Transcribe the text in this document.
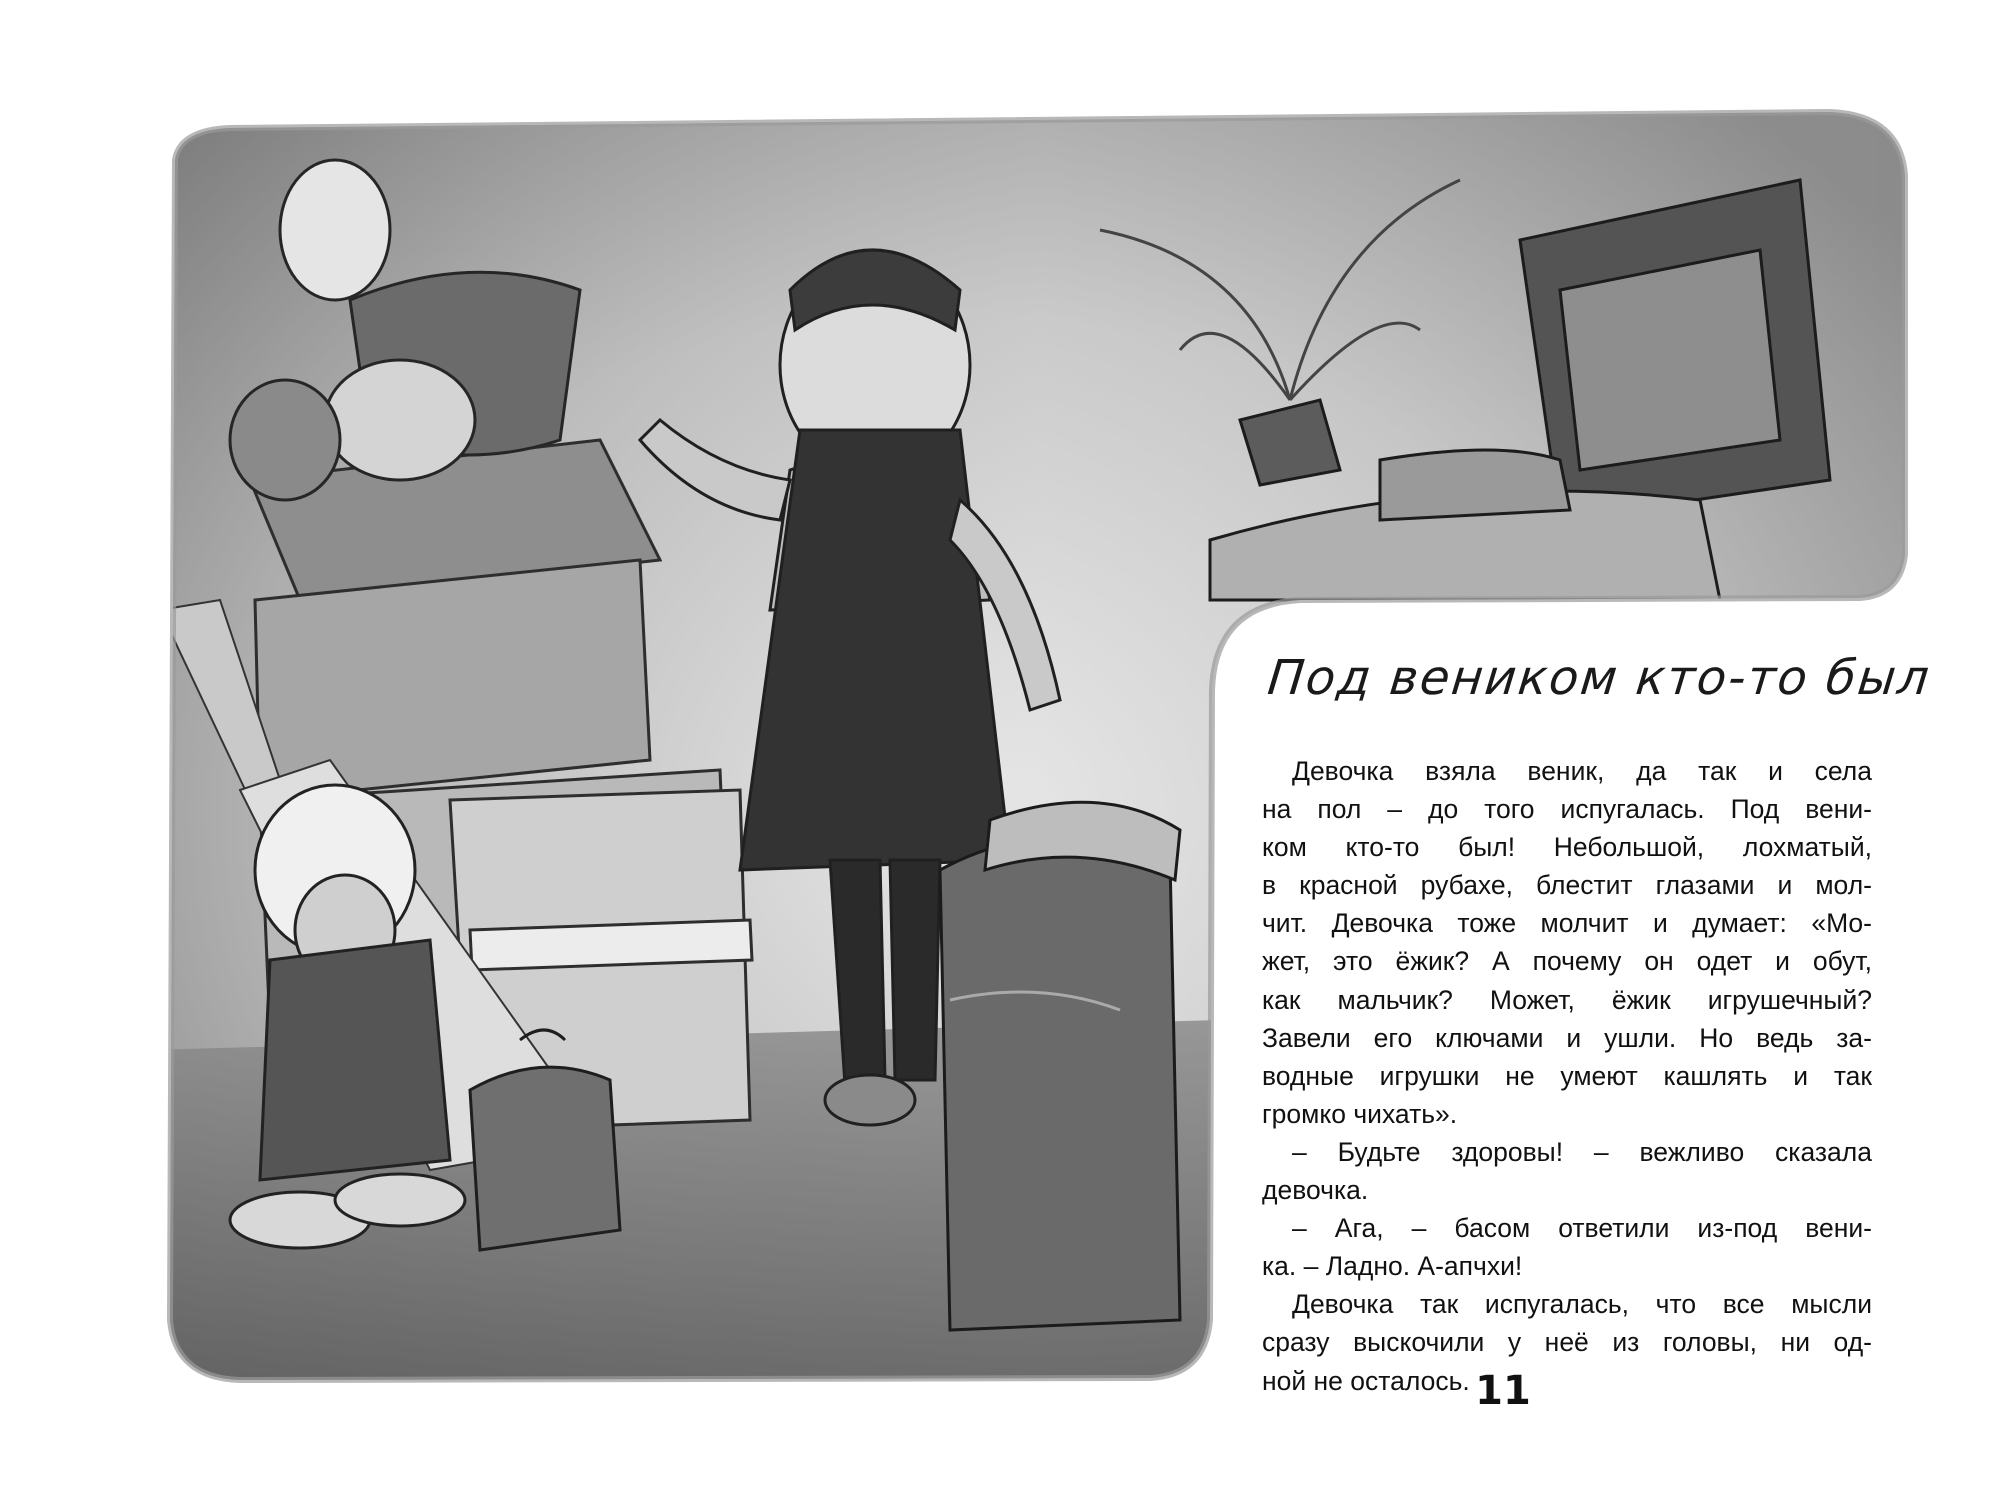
Под веником кто-то был
Девочка взяла веник, да так и села
на пол – до того испугалась. Под вени-
ком кто-то был! Небольшой, лохматый,
в красной рубахе, блестит глазами и мол-
чит. Девочка тоже молчит и думает: «Мо-
жет, это ёжик? А почему он одет и обут,
как мальчик? Может, ёжик игрушечный?
Завели его ключами и ушли. Но ведь за-
водные игрушки не умеют кашлять и так
громко чихать».
– Будьте здоровы! – вежливо сказала
девочка.
– Ага, – басом ответили из-под вени-
ка. – Ладно. А-апчхи!
Девочка так испугалась, что все мысли
сразу выскочили у неё из головы, ни од-
ной не осталось. 11
